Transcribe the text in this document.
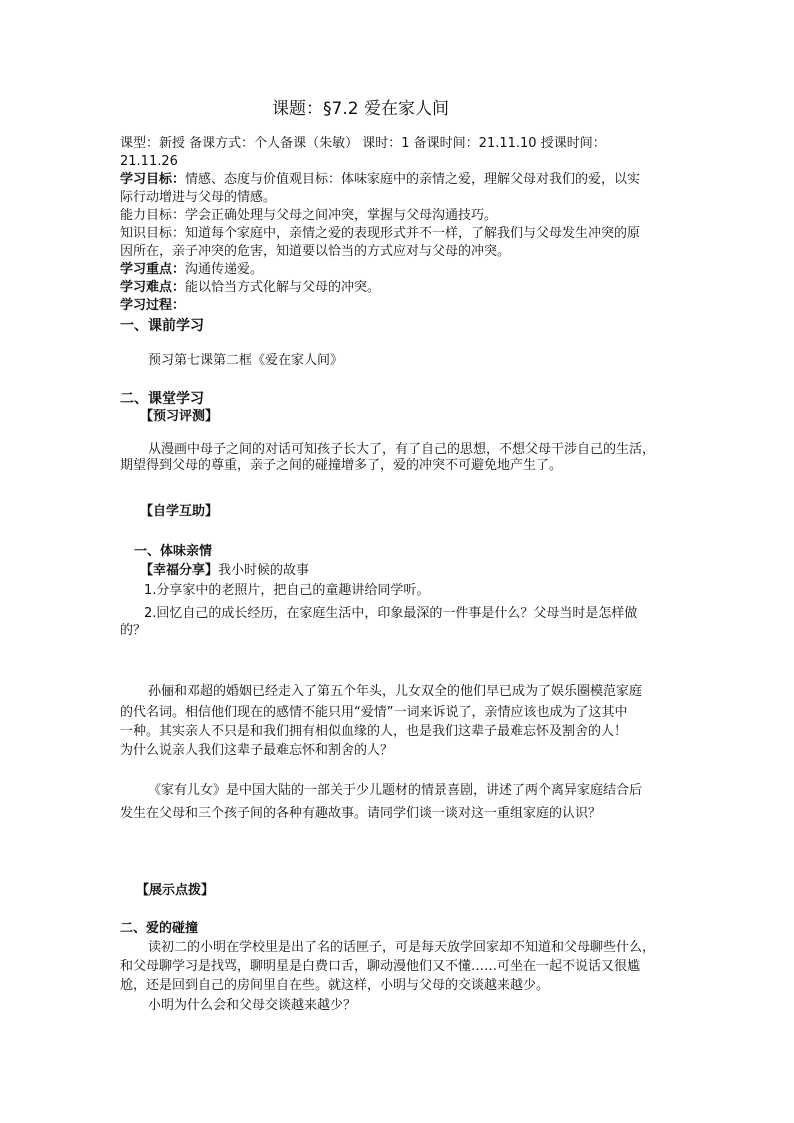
课题：§7.2 爱在家人间
课型：新授 备课方式：个人备课（朱敏） 课时：1 备课时间：21.11.10 授课时间：
21.11.26
学习目标：情感、态度与价值观目标：体味家庭中的亲情之爱，理解父母对我们的爱，以实
际行动增进与父母的情感。
能力目标：学会正确处理与父母之间冲突，掌握与父母沟通技巧。
知识目标：知道每个家庭中，亲情之爱的表现形式并不一样，了解我们与父母发生冲突的原
因所在，亲子冲突的危害，知道要以恰当的方式应对与父母的冲突。
学习重点：沟通传递爱。
学习难点：能以恰当方式化解与父母的冲突。
学习过程：
一、课前学习
预习第七课第二框《爱在家人间》
二、课堂学习
【预习评测】
从漫画中母子之间的对话可知孩子长大了，有了自己的思想，不想父母干涉自己的生活，
期望得到父母的尊重，亲子之间的碰撞增多了，爱的冲突不可避免地产生了。
【自学互助】
一、体味亲情
【幸福分享】我小时候的故事
1.分享家中的老照片，把自己的童趣讲给同学听。
2.回忆自己的成长经历，在家庭生活中，印象最深的一件事是什么？父母当时是怎样做
的？
孙俪和邓超的婚姻已经走入了第五个年头，儿女双全的他们早已成为了娱乐圈模范家庭
的代名词。相信他们现在的感情不能只用“爱情”一词来诉说了，亲情应该也成为了这其中
一种。其实亲人不只是和我们拥有相似血缘的人，也是我们这辈子最难忘怀及割舍的人！
为什么说亲人我们这辈子最难忘怀和割舍的人？
《家有儿女》是中国大陆的一部关于少儿题材的情景喜剧，讲述了两个离异家庭结合后
发生在父母和三个孩子间的各种有趣故事。请同学们谈一谈对这一重组家庭的认识？
【展示点拨】
二、爱的碰撞
读初二的小明在学校里是出了名的话匣子，可是每天放学回家却不知道和父母聊些什么，
和父母聊学习是找骂，聊明星是白费口舌，聊动漫他们又不懂……可坐在一起不说话又很尴
尬，还是回到自己的房间里自在些。就这样，小明与父母的交谈越来越少。
小明为什么会和父母交谈越来越少？
